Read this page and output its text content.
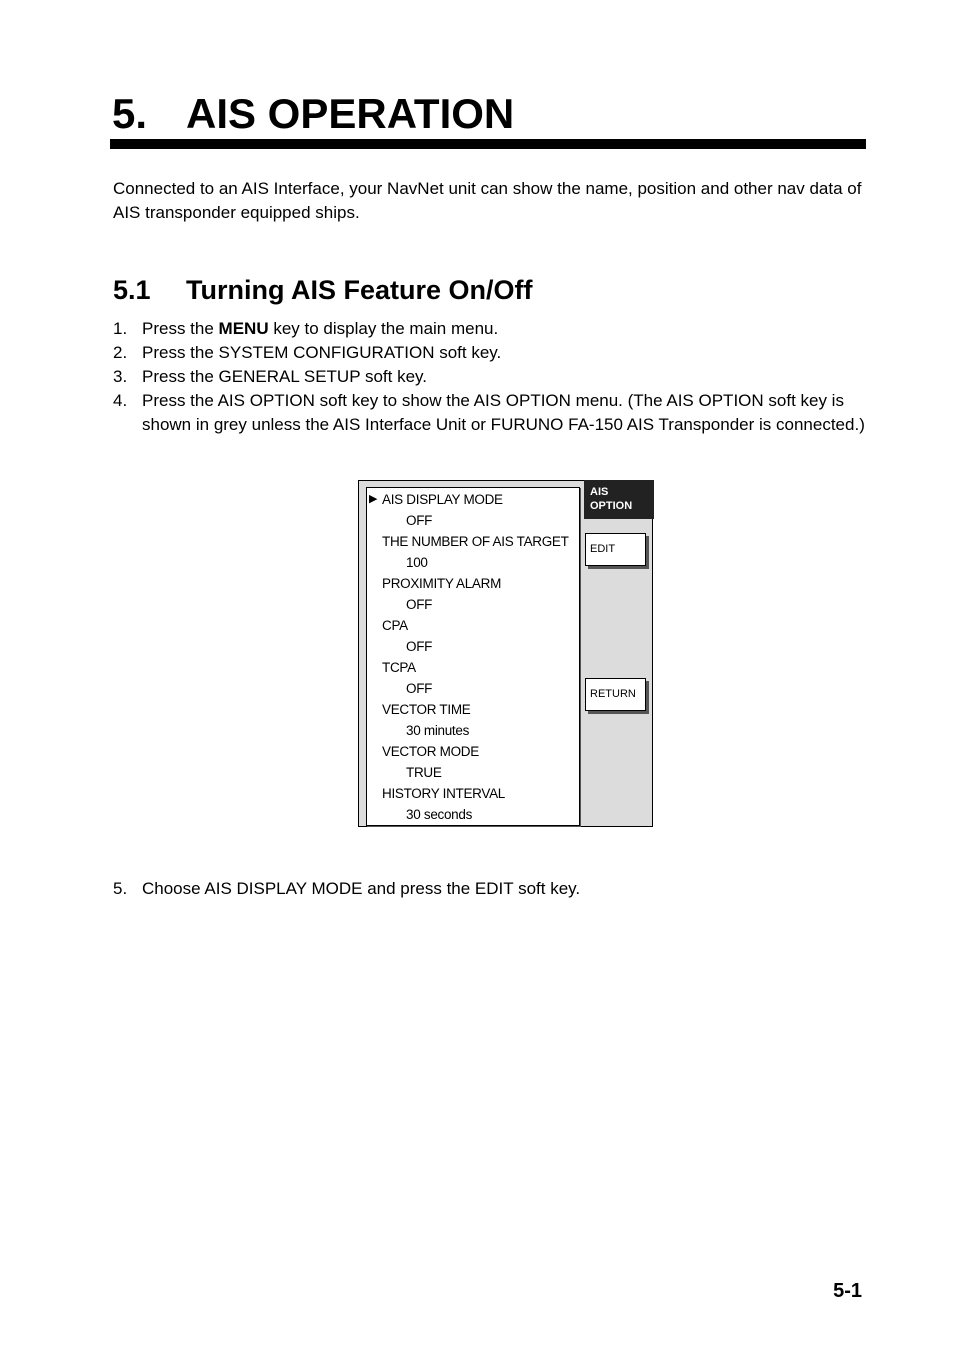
5. AIS OPERATION

Connected to an AIS Interface, your NavNet unit can show the name, position and other nav data of AIS transponder equipped ships.

5.1	Turning AIS Feature On/Off
1. Press the MENU key to display the main menu.
2. Press the SYSTEM CONFIGURATION soft key.
3. Press the GENERAL SETUP soft key.
4. Press the AIS OPTION soft key to show the AIS OPTION menu. (The AIS OPTION soft key is shown in grey unless the AIS Interface Unit or FURUNO FA-150 AIS Transponder is connected.)
▶ AIS DISPLAY MODE
OFF
THE NUMBER OF AIS TARGET
100
PROXIMITY ALARM
OFF
CPA
OFF
TCPA
OFF
VECTOR TIME
30 minutes
VECTOR MODE
TRUE
HISTORY INTERVAL
30 seconds
AIS
OPTION
EDIT
RETURN

5. Choose AIS DISPLAY MODE and press the EDIT soft key.

5-1
